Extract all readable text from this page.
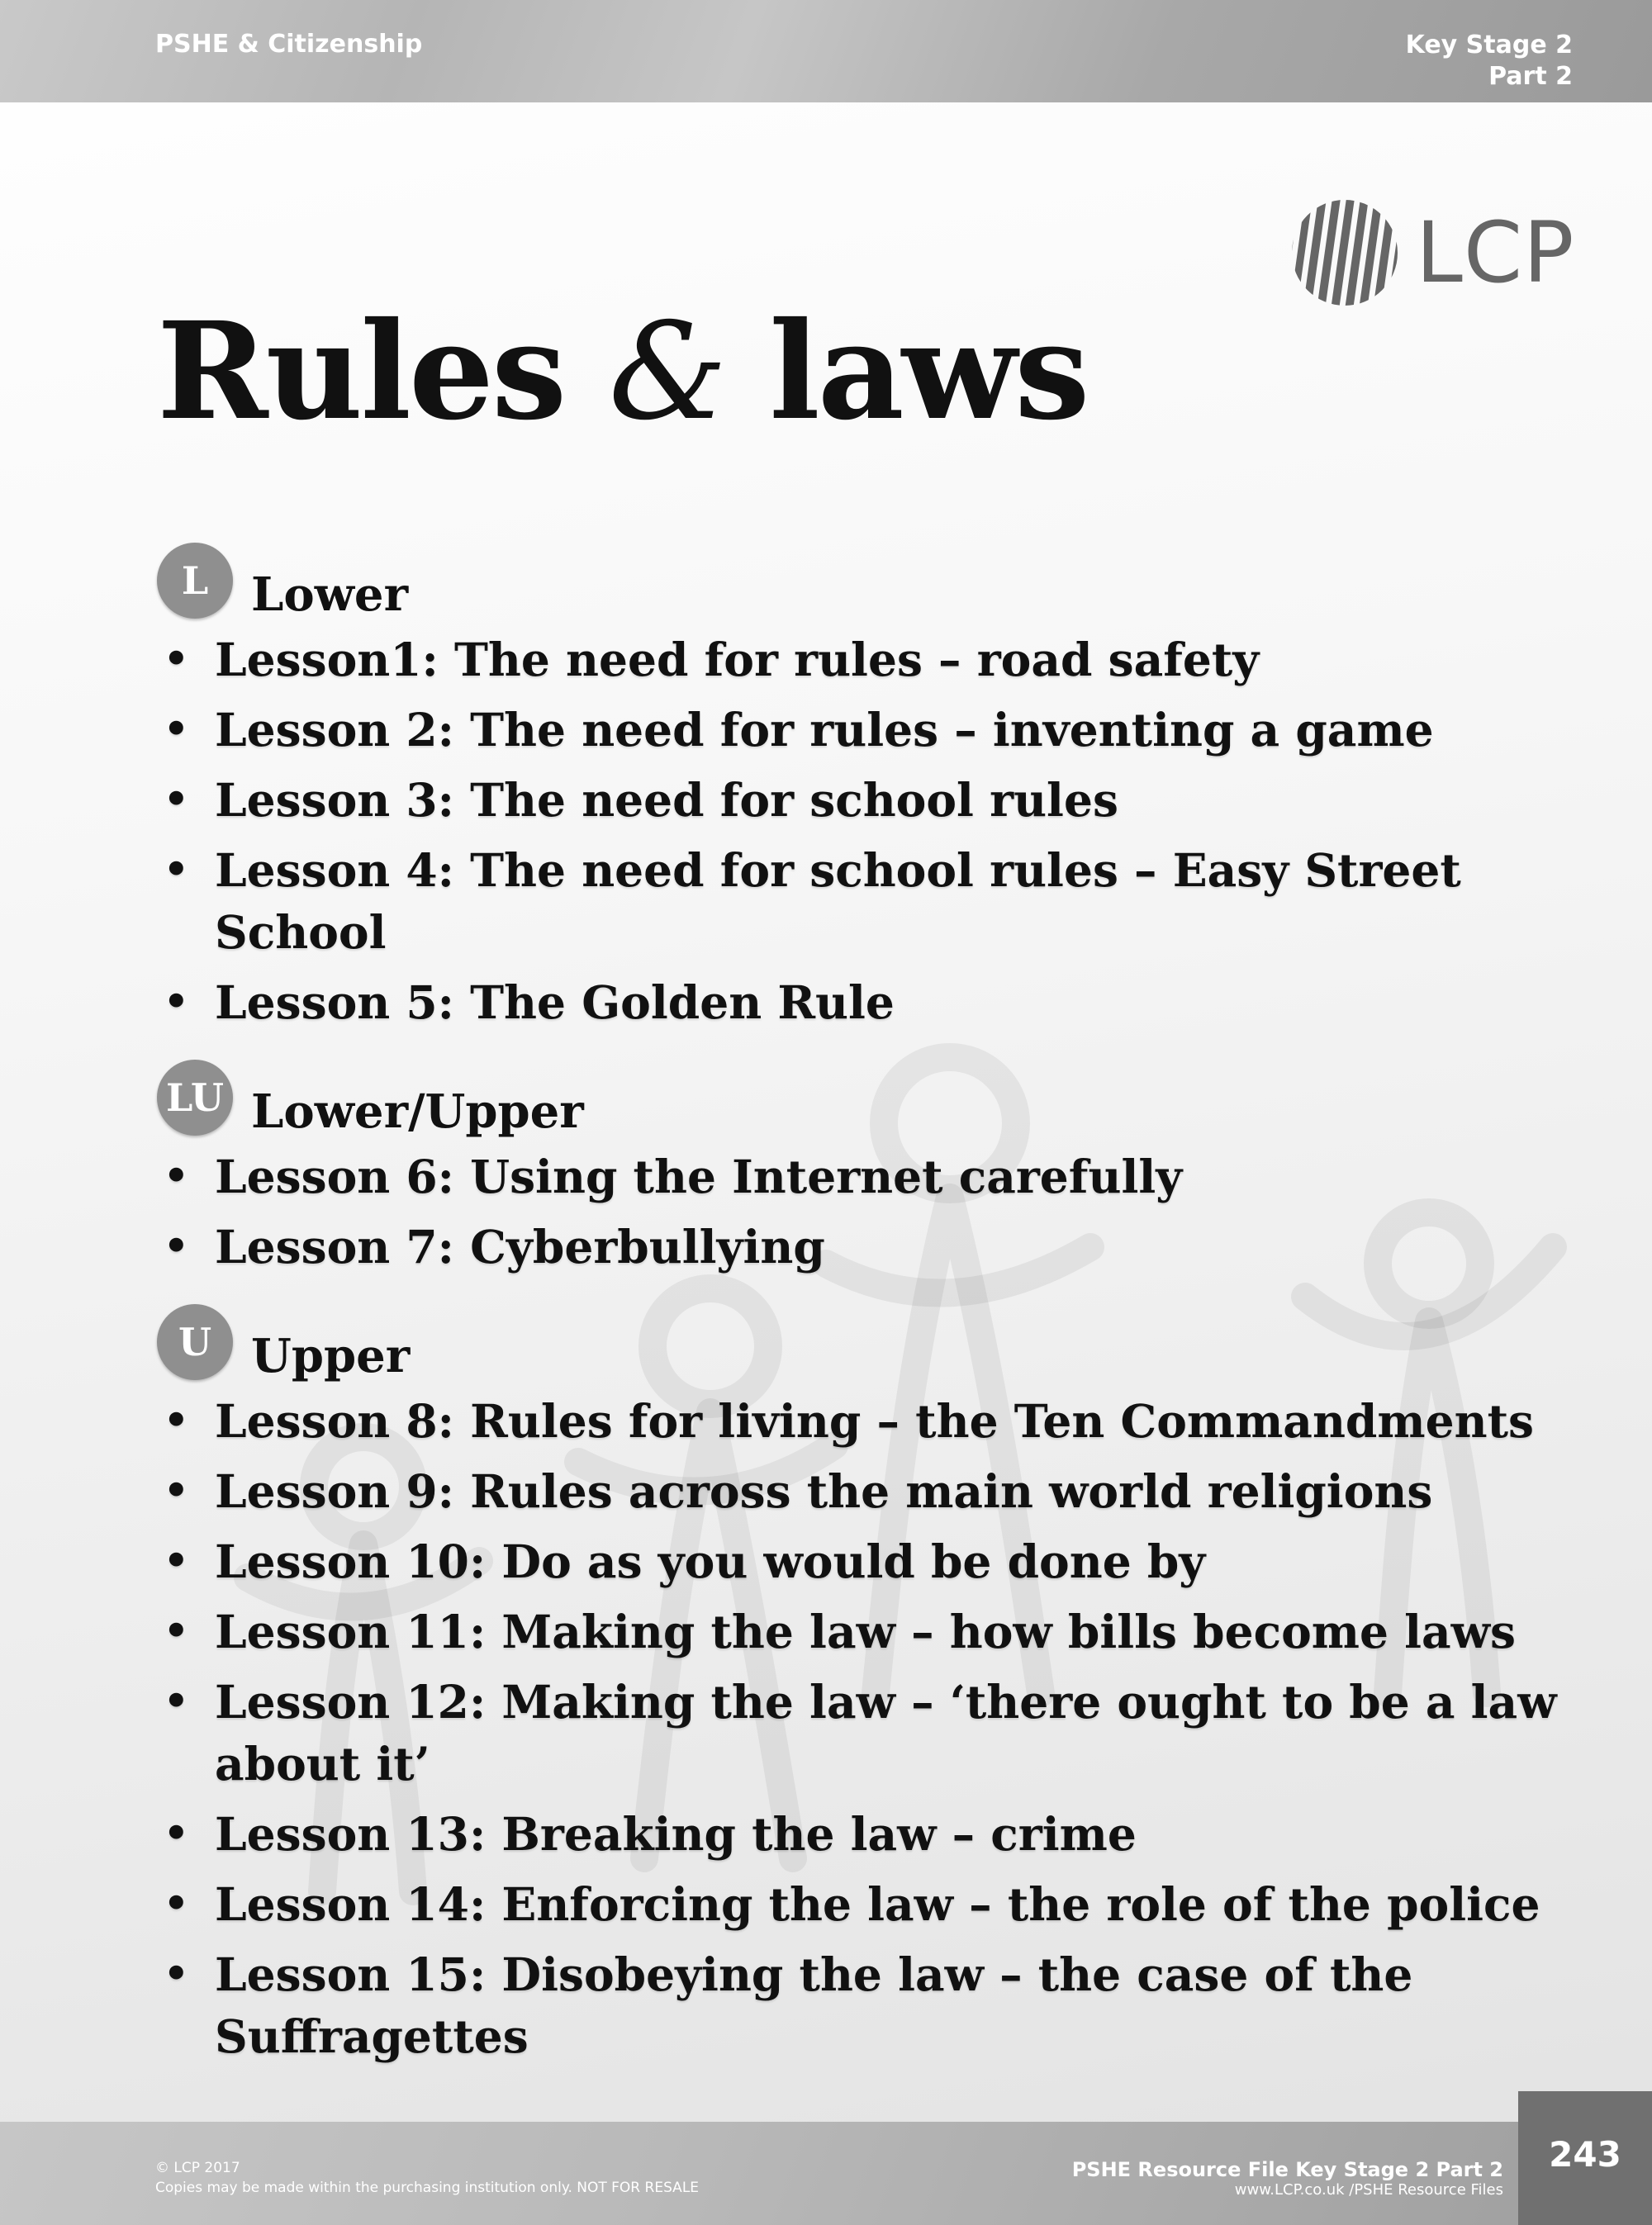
PSHE & Citizenship	Key Stage 2
Part 2
LCP
Rules & laws
L Lower
• Lesson1: The need for rules – road safety
• Lesson 2: The need for rules – inventing a game
• Lesson 3: The need for school rules
• Lesson 4: The need for school rules – Easy Street School
• Lesson 5: The Golden Rule
LU Lower/Upper
• Lesson 6: Using the Internet carefully
• Lesson 7: Cyberbullying
U Upper
• Lesson 8: Rules for living – the Ten Commandments
• Lesson 9: Rules across the main world religions
• Lesson 10: Do as you would be done by
• Lesson 11: Making the law – how bills become laws
• Lesson 12: Making the law – ‘there ought to be a law about it’
• Lesson 13: Breaking the law – crime
• Lesson 14: Enforcing the law – the role of the police
• Lesson 15: Disobeying the law – the case of the Suffragettes
© LCP 2017
Copies may be made within the purchasing institution only. NOT FOR RESALE
PSHE Resource File Key Stage 2 Part 2
www.LCP.co.uk /PSHE Resource Files
243
